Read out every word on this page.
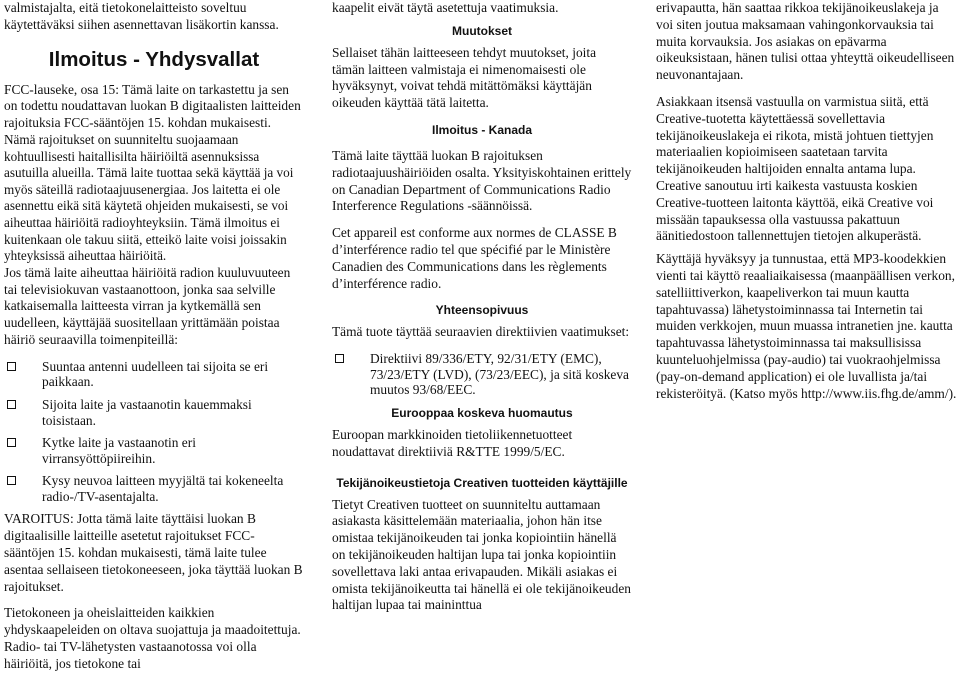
valmistajalta, eitä tietokonelaitteisto soveltuu käytettäväksi siihen asennettavan lisäkortin kanssa.

Ilmoitus - Yhdysvallat

FCC-lauseke, osa 15: Tämä laite on tarkastettu ja sen on todettu noudattavan luokan B digitaalisten laitteiden rajoituksia FCC-sääntöjen 15. kohdan mukaisesti.

Nämä rajoitukset on suunniteltu suojaamaan kohtuullisesti haitallisilta häiriöiltä asennuksissa asutuilla alueilla. Tämä laite tuottaa sekä käyttää ja voi myös säteillä radiotaajuusenergiaa. Jos laitetta ei ole asennettu eikä sitä käytetä ohjeiden mukaisesti, se voi aiheuttaa häiriöitä radioyhteyksiin. Tämä ilmoitus ei kuitenkaan ole takuu siitä, etteikö laite voisi joissakin yhteyksissä aiheuttaa häiriöitä.

Jos tämä laite aiheuttaa häiriöitä radion kuuluvuuteen tai televisiokuvan vastaanottoon, jonka saa selville katkaisemalla laitteesta virran ja kytkemällä sen uudelleen, käyttäjää suositellaan yrittämään poistaa häiriö seuraavilla toimenpiteillä:

Suuntaa antenni uudelleen tai sijoita se eri paikkaan.
Sijoita laite ja vastaanotin kauemmaksi toisistaan.
Kytke laite ja vastaanotin eri virransyöttöpiireihin.
Kysy neuvoa laitteen myyjältä tai kokeneelta radio-/TV-asentajalta.

VAROITUS: Jotta tämä laite täyttäisi luokan B digitaalisille laitteille asetetut rajoitukset FCC-sääntöjen 15. kohdan mukaisesti, tämä laite tulee asentaa sellaiseen tietokoneeseen, joka täyttää luokan B rajoitukset.

Tietokoneen ja oheislaitteiden kaikkien yhdyskaapeleiden on oltava suojattuja ja maadoitettuja. Radio- tai TV-lähetysten vastaanotossa voi olla häiriöitä, jos tietokone tai

kaapelit eivät täytä asetettuja vaatimuksia.

Muutokset

Sellaiset tähän laitteeseen tehdyt muutokset, joita tämän laitteen valmistaja ei nimenomaisesti ole hyväksynyt, voivat tehdä mitättömäksi käyttäjän oikeuden käyttää tätä laitetta.

Ilmoitus - Kanada

Tämä laite täyttää luokan B rajoituksen radiotaajuushäiriöiden osalta. Yksityiskohtainen erittely on Canadian Department of Communications Radio Interference Regulations -säännöissä.

Cet appareil est conforme aux normes de CLASSE B d’interférence radio tel que spécifié par le Ministère Canadien des Communications dans les règlements d’interférence radio.

Yhteensopivuus

Tämä tuote täyttää seuraavien direktiivien vaatimukset:

Direktiivi 89/336/ETY, 92/31/ETY (EMC), 73/23/ETY (LVD), (73/23/EEC), ja sitä koskeva muutos 93/68/EEC.
Eurooppaa koskeva huomautus

Euroopan markkinoiden tietoliikennetuotteet noudattavat direktiiviä R&TTE 1999/5/EC.

Tekijänoikeustietoja Creativen tuotteiden käyttäjille

Tietyt Creativen tuotteet on suunniteltu auttamaan asiakasta käsittelemään materiaalia, johon hän itse omistaa tekijänoikeuden tai jonka kopiointiin hänellä on tekijänoikeuden haltijan lupa tai jonka kopiointiin sovellettava laki antaa erivapauden. Mikäli asiakas ei omista tekijänoikeutta tai hänellä ei ole tekijänoikeuden haltijan lupaa tai maininttua

erivapautta, hän saattaa rikkoa tekijänoikeuslakeja ja voi siten joutua maksamaan vahingonkorvauksia tai muita korvauksia. Jos asiakas on epävarma oikeuksistaan, hänen tulisi ottaa yhteyttä oikeudelliseen neuvonantajaan.

Asiakkaan itsensä vastuulla on varmistua siitä, että Creative-tuotetta käytettäessä sovellettavia tekijänoikeuslakeja ei rikota, mistä johtuen tiettyjen materiaalien kopioimiseen saatetaan tarvita tekijänoikeuden haltijoiden ennalta antama lupa. Creative sanoutuu irti kaikesta vastuusta koskien Creative-tuotteen laitonta käyttöä, eikä Creative voi missään tapauksessa olla vastuussa pakattuun äänitiedostoon tallennettujen tietojen alkuperästä.

Käyttäjä hyväksyy ja tunnustaa, että MP3-koodekkien vienti tai käyttö reaaliaikaisessa (maanpäällisen verkon, satelliittiverkon, kaapeliverkon tai muun kautta tapahtuvassa) lähetystoiminnassa tai Internetin tai muiden verkkojen, muun muassa intranetien jne. kautta tapahtuvassa lähetystoiminnassa tai maksullisissa kuunteluohjelmissa (pay-audio) tai vuokraohjelmissa (pay-on-demand application) ei ole luvallista ja/tai rekisteröityä. (Katso myös http://www.iis.fhg.de/amm/).
